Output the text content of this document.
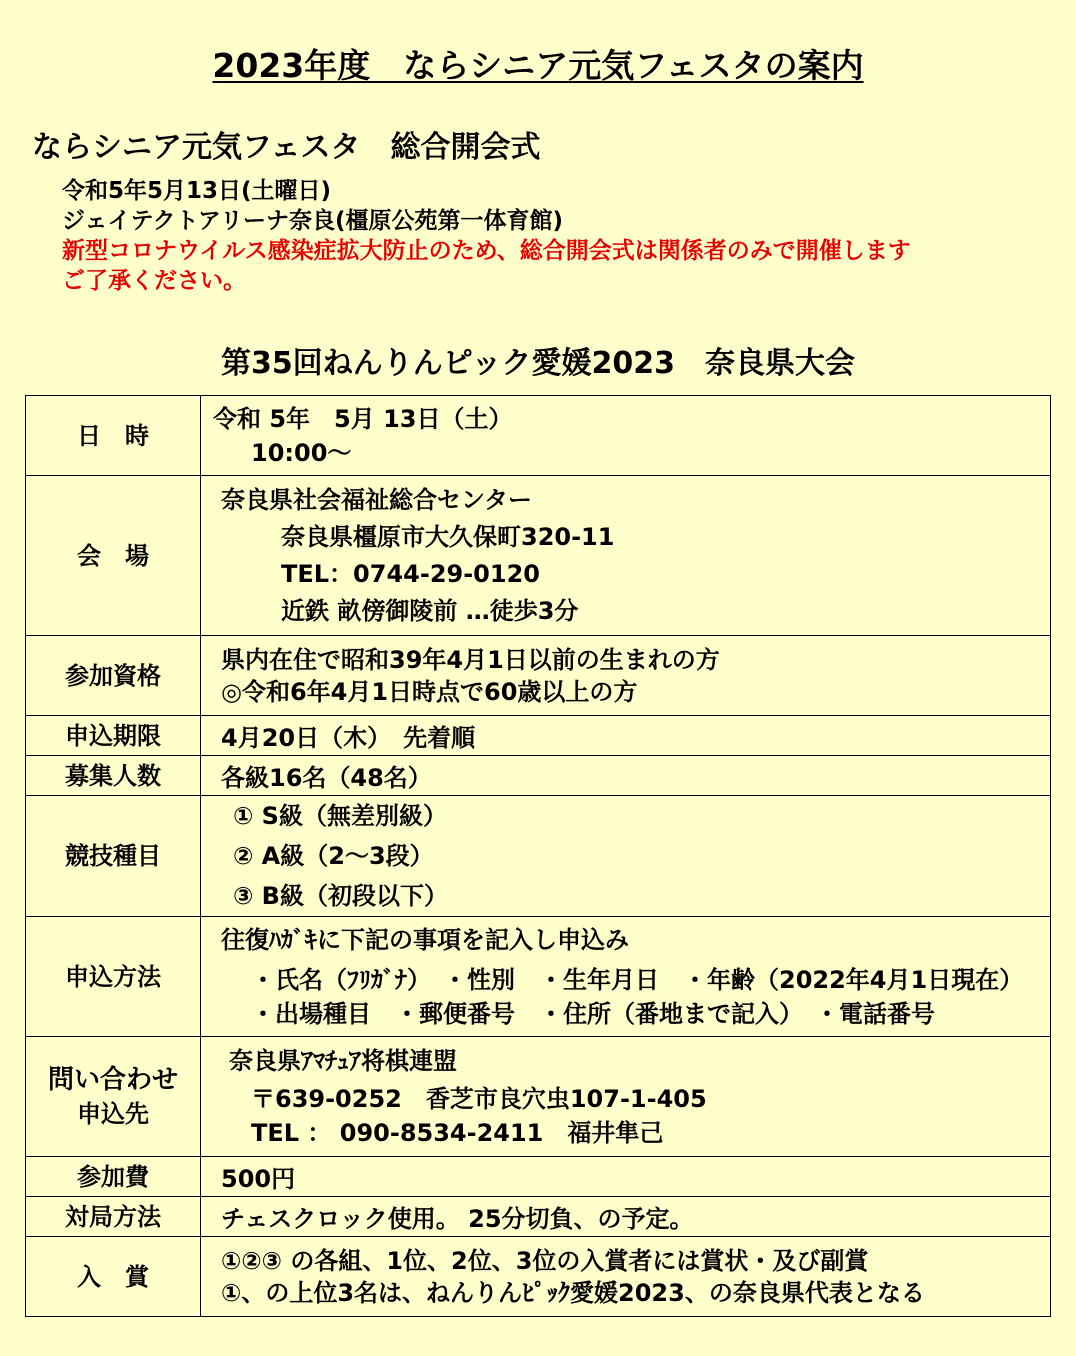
2023年度　ならシニア元気フェスタの案内
ならシニア元気フェスタ　総合開会式
令和5年5月13日(土曜日)
ジェイテクトアリーナ奈良(橿原公苑第一体育館)
新型コロナウイルス感染症拡大防止のため、総合開会式は関係者のみで開催します
ご了承ください。
第35回ねんりんピック愛媛2023　奈良県大会
日　時	令和 5年　5月 13日（土）
10:00～

会　場	奈良県社会福祉総合センター
奈良県橿原市大久保町320-11
TEL：0744-29-0120
近鉄 畝傍御陵前 …徒歩3分

参加資格	県内在住で昭和39年4月1日以前の生まれの方
◎令和6年4月1日時点で60歳以上の方

申込期限	4月20日（木）　先着順
募集人数	各級16名（48名）
競技種目	① S級（無差別級）
② A級（2～3段）
③ B級（初段以下）

申込方法	往復ﾊｶﾞｷに下記の事項を記入し申込み
・氏名（ﾌﾘｶﾞﾅ）　・性別　・生年月日　・年齢（2022年4月1日現在）
・出場種目　・郵便番号　・住所（番地まで記入）　・電話番号

問い合わせ
申込先	奈良県ｱﾏﾁｭｱ将棋連盟
〒639-0252　香芝市良穴虫107-1-405
TEL ： 090-8534-2411　福井隼己

参加費	500円
対局方法	チェスクロック使用。 25分切負、の予定。
入　賞	①②③ の各組、1位、2位、3位の入賞者には賞状・及び副賞
①、の上位3名は、ねんりんﾋﾟｯｸ愛媛2023、の奈良県代表となる
